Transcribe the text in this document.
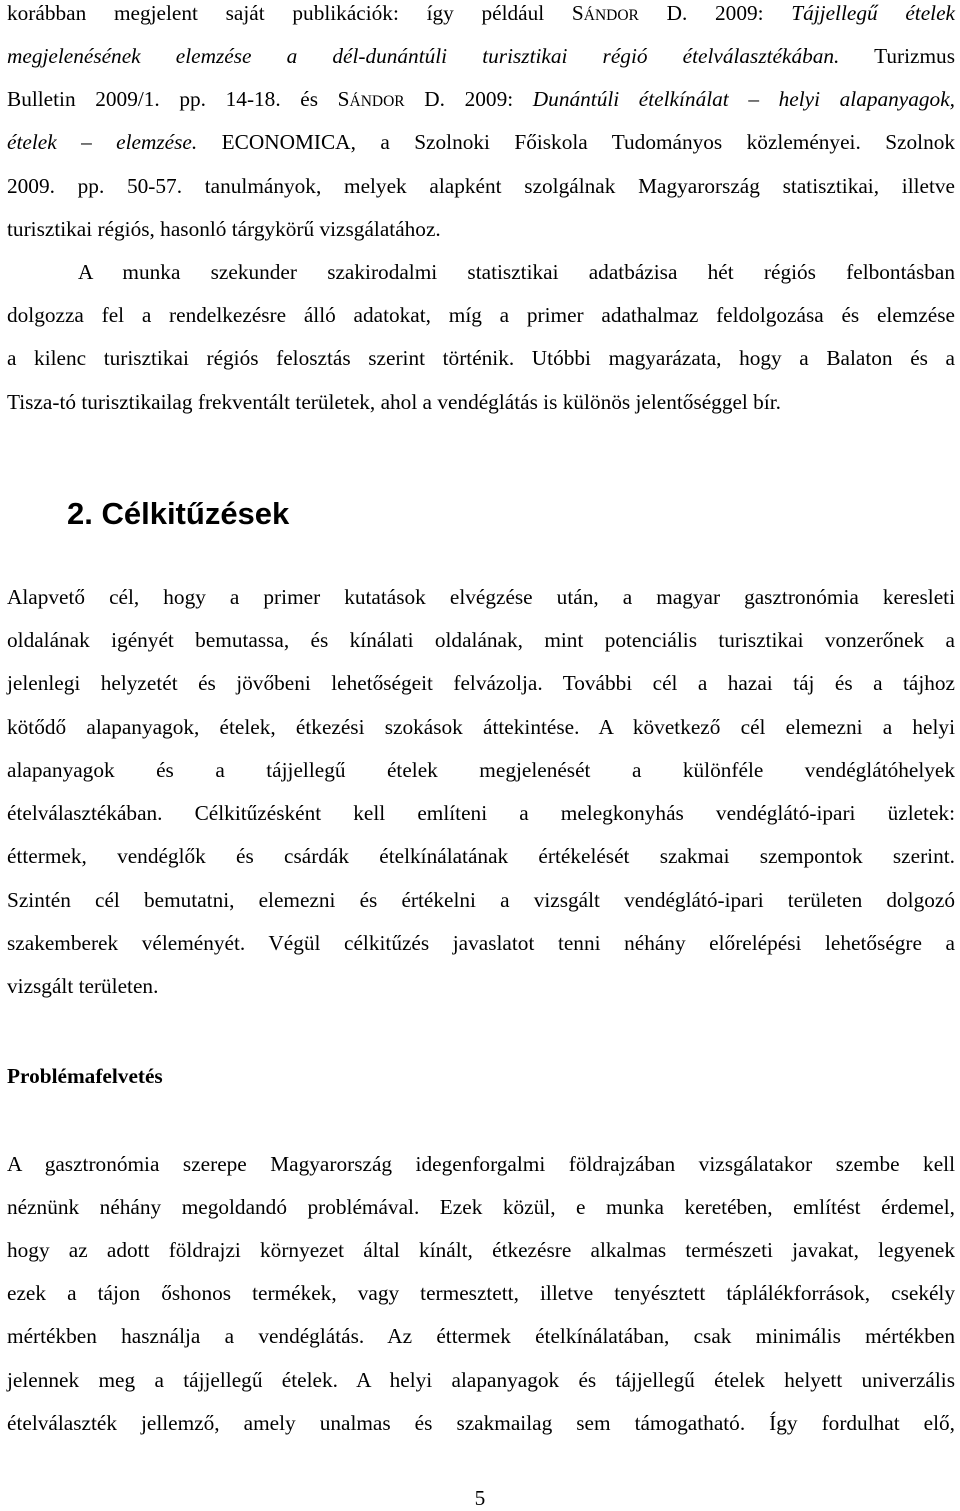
korábban megjelent saját publikációk: így például SÁNDOR D. 2009: Tájjellegű ételek
megjelenésének elemzése a dél-dunántúli turisztikai régió ételválasztékában. Turizmus
Bulletin 2009/1. pp. 14-18. és SÁNDOR D. 2009: Dunántúli ételkínálat – helyi alapanyagok,
ételek – elemzése. ECONOMICA, a Szolnoki Főiskola Tudományos közleményei. Szolnok
2009. pp. 50-57. tanulmányok, melyek alapként szolgálnak Magyarország statisztikai, illetve
turisztikai régiós, hasonló tárgykörű vizsgálatához.
A munka szekunder szakirodalmi statisztikai adatbázisa hét régiós felbontásban
dolgozza fel a rendelkezésre álló adatokat, míg a primer adathalmaz feldolgozása és elemzése
a kilenc turisztikai régiós felosztás szerint történik. Utóbbi magyarázata, hogy a Balaton és a
Tisza-tó turisztikailag frekventált területek, ahol a vendéglátás is különös jelentőséggel bír.
2. Célkitűzések
Alapvető cél, hogy a primer kutatások elvégzése után, a magyar gasztronómia keresleti
oldalának igényét bemutassa, és kínálati oldalának, mint potenciális turisztikai vonzerőnek a
jelenlegi helyzetét és jövőbeni lehetőségeit felvázolja. További cél a hazai táj és a tájhoz
kötődő alapanyagok, ételek, étkezési szokások áttekintése. A következő cél elemezni a helyi
alapanyagok és a tájjellegű ételek megjelenését a különféle vendéglátóhelyek
ételválasztékában. Célkitűzésként kell említeni a melegkonyhás vendéglátó-ipari üzletek:
éttermek, vendéglők és csárdák ételkínálatának értékelését szakmai szempontok szerint.
Szintén cél bemutatni, elemezni és értékelni a vizsgált vendéglátó-ipari területen dolgozó
szakemberek véleményét. Végül célkitűzés javaslatot tenni néhány előrelépési lehetőségre a
vizsgált területen.
Problémafelvetés
A gasztronómia szerepe Magyarország idegenforgalmi földrajzában vizsgálatakor szembe kell
néznünk néhány megoldandó problémával. Ezek közül, e munka keretében, említést érdemel,
hogy az adott földrajzi környezet által kínált, étkezésre alkalmas természeti javakat, legyenek
ezek a tájon őshonos termékek, vagy termesztett, illetve tenyésztett táplálékforrások, csekély
mértékben használja a vendéglátás. Az éttermek ételkínálatában, csak minimális mértékben
jelennek meg a tájjellegű ételek. A helyi alapanyagok és tájjellegű ételek helyett univerzális
ételválaszték jellemző, amely unalmas és szakmailag sem támogatható. Így fordulhat elő,
5
